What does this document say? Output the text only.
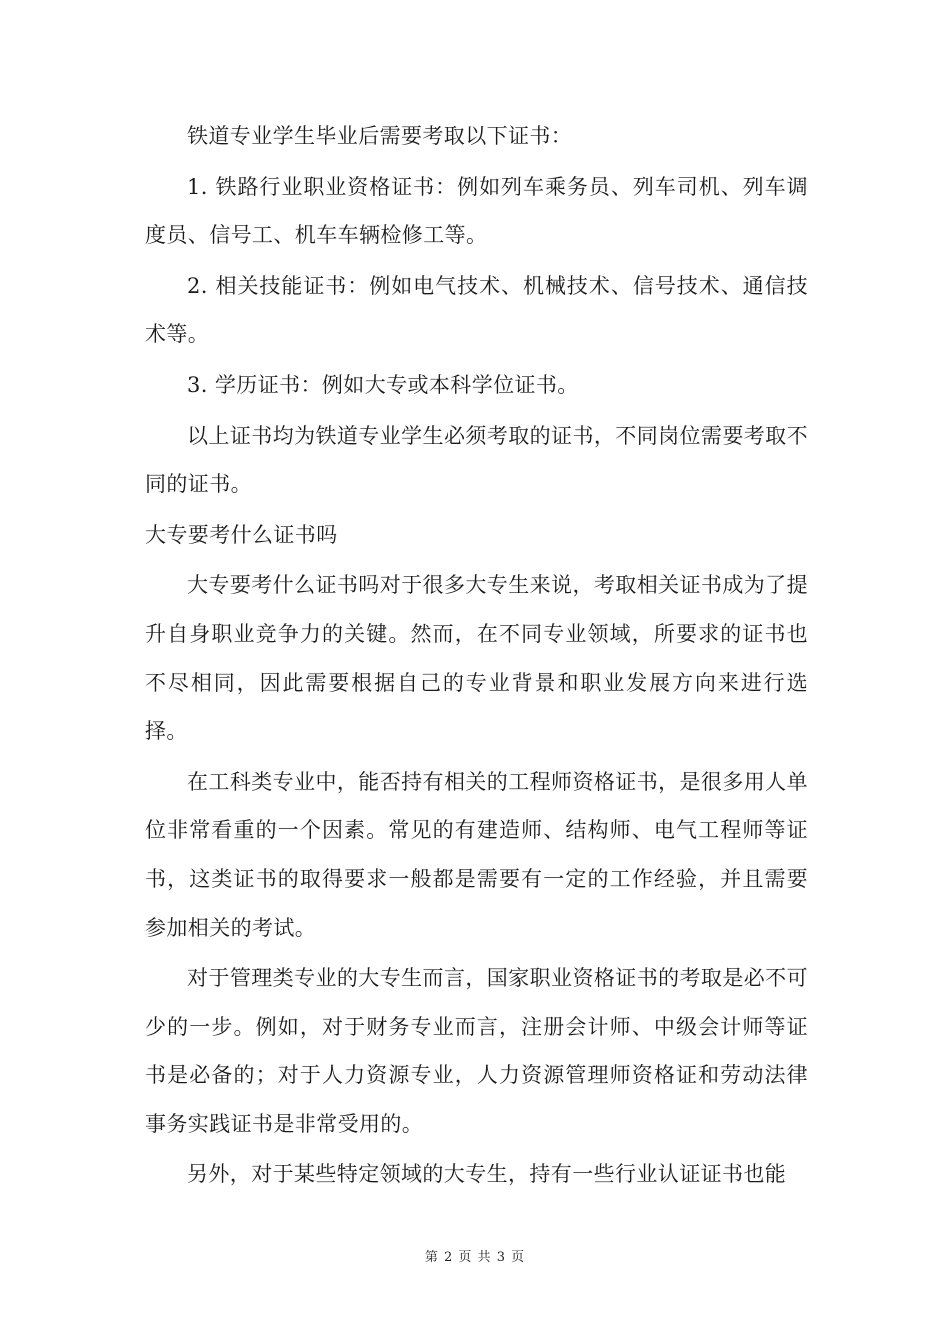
铁道专业学生毕业后需要考取以下证书：

1. 铁路行业职业资格证书：例如列车乘务员、列车司机、列车调度员、信号工、机车车辆检修工等。

2. 相关技能证书：例如电气技术、机械技术、信号技术、通信技术等。

3. 学历证书：例如大专或本科学位证书。

以上证书均为铁道专业学生必须考取的证书，不同岗位需要考取不同的证书。

大专要考什么证书吗

大专要考什么证书吗对于很多大专生来说，考取相关证书成为了提升自身职业竞争力的关键。然而，在不同专业领域，所要求的证书也不尽相同，因此需要根据自己的专业背景和职业发展方向来进行选择。

在工科类专业中，能否持有相关的工程师资格证书，是很多用人单位非常看重的一个因素。常见的有建造师、结构师、电气工程师等证书，这类证书的取得要求一般都是需要有一定的工作经验，并且需要参加相关的考试。

对于管理类专业的大专生而言，国家职业资格证书的考取是必不可少的一步。例如，对于财务专业而言，注册会计师、中级会计师等证书是必备的；对于人力资源专业，人力资源管理师资格证和劳动法律事务实践证书是非常受用的。

另外，对于某些特定领域的大专生，持有一些行业认证证书也能

第 2 页 共 3 页
